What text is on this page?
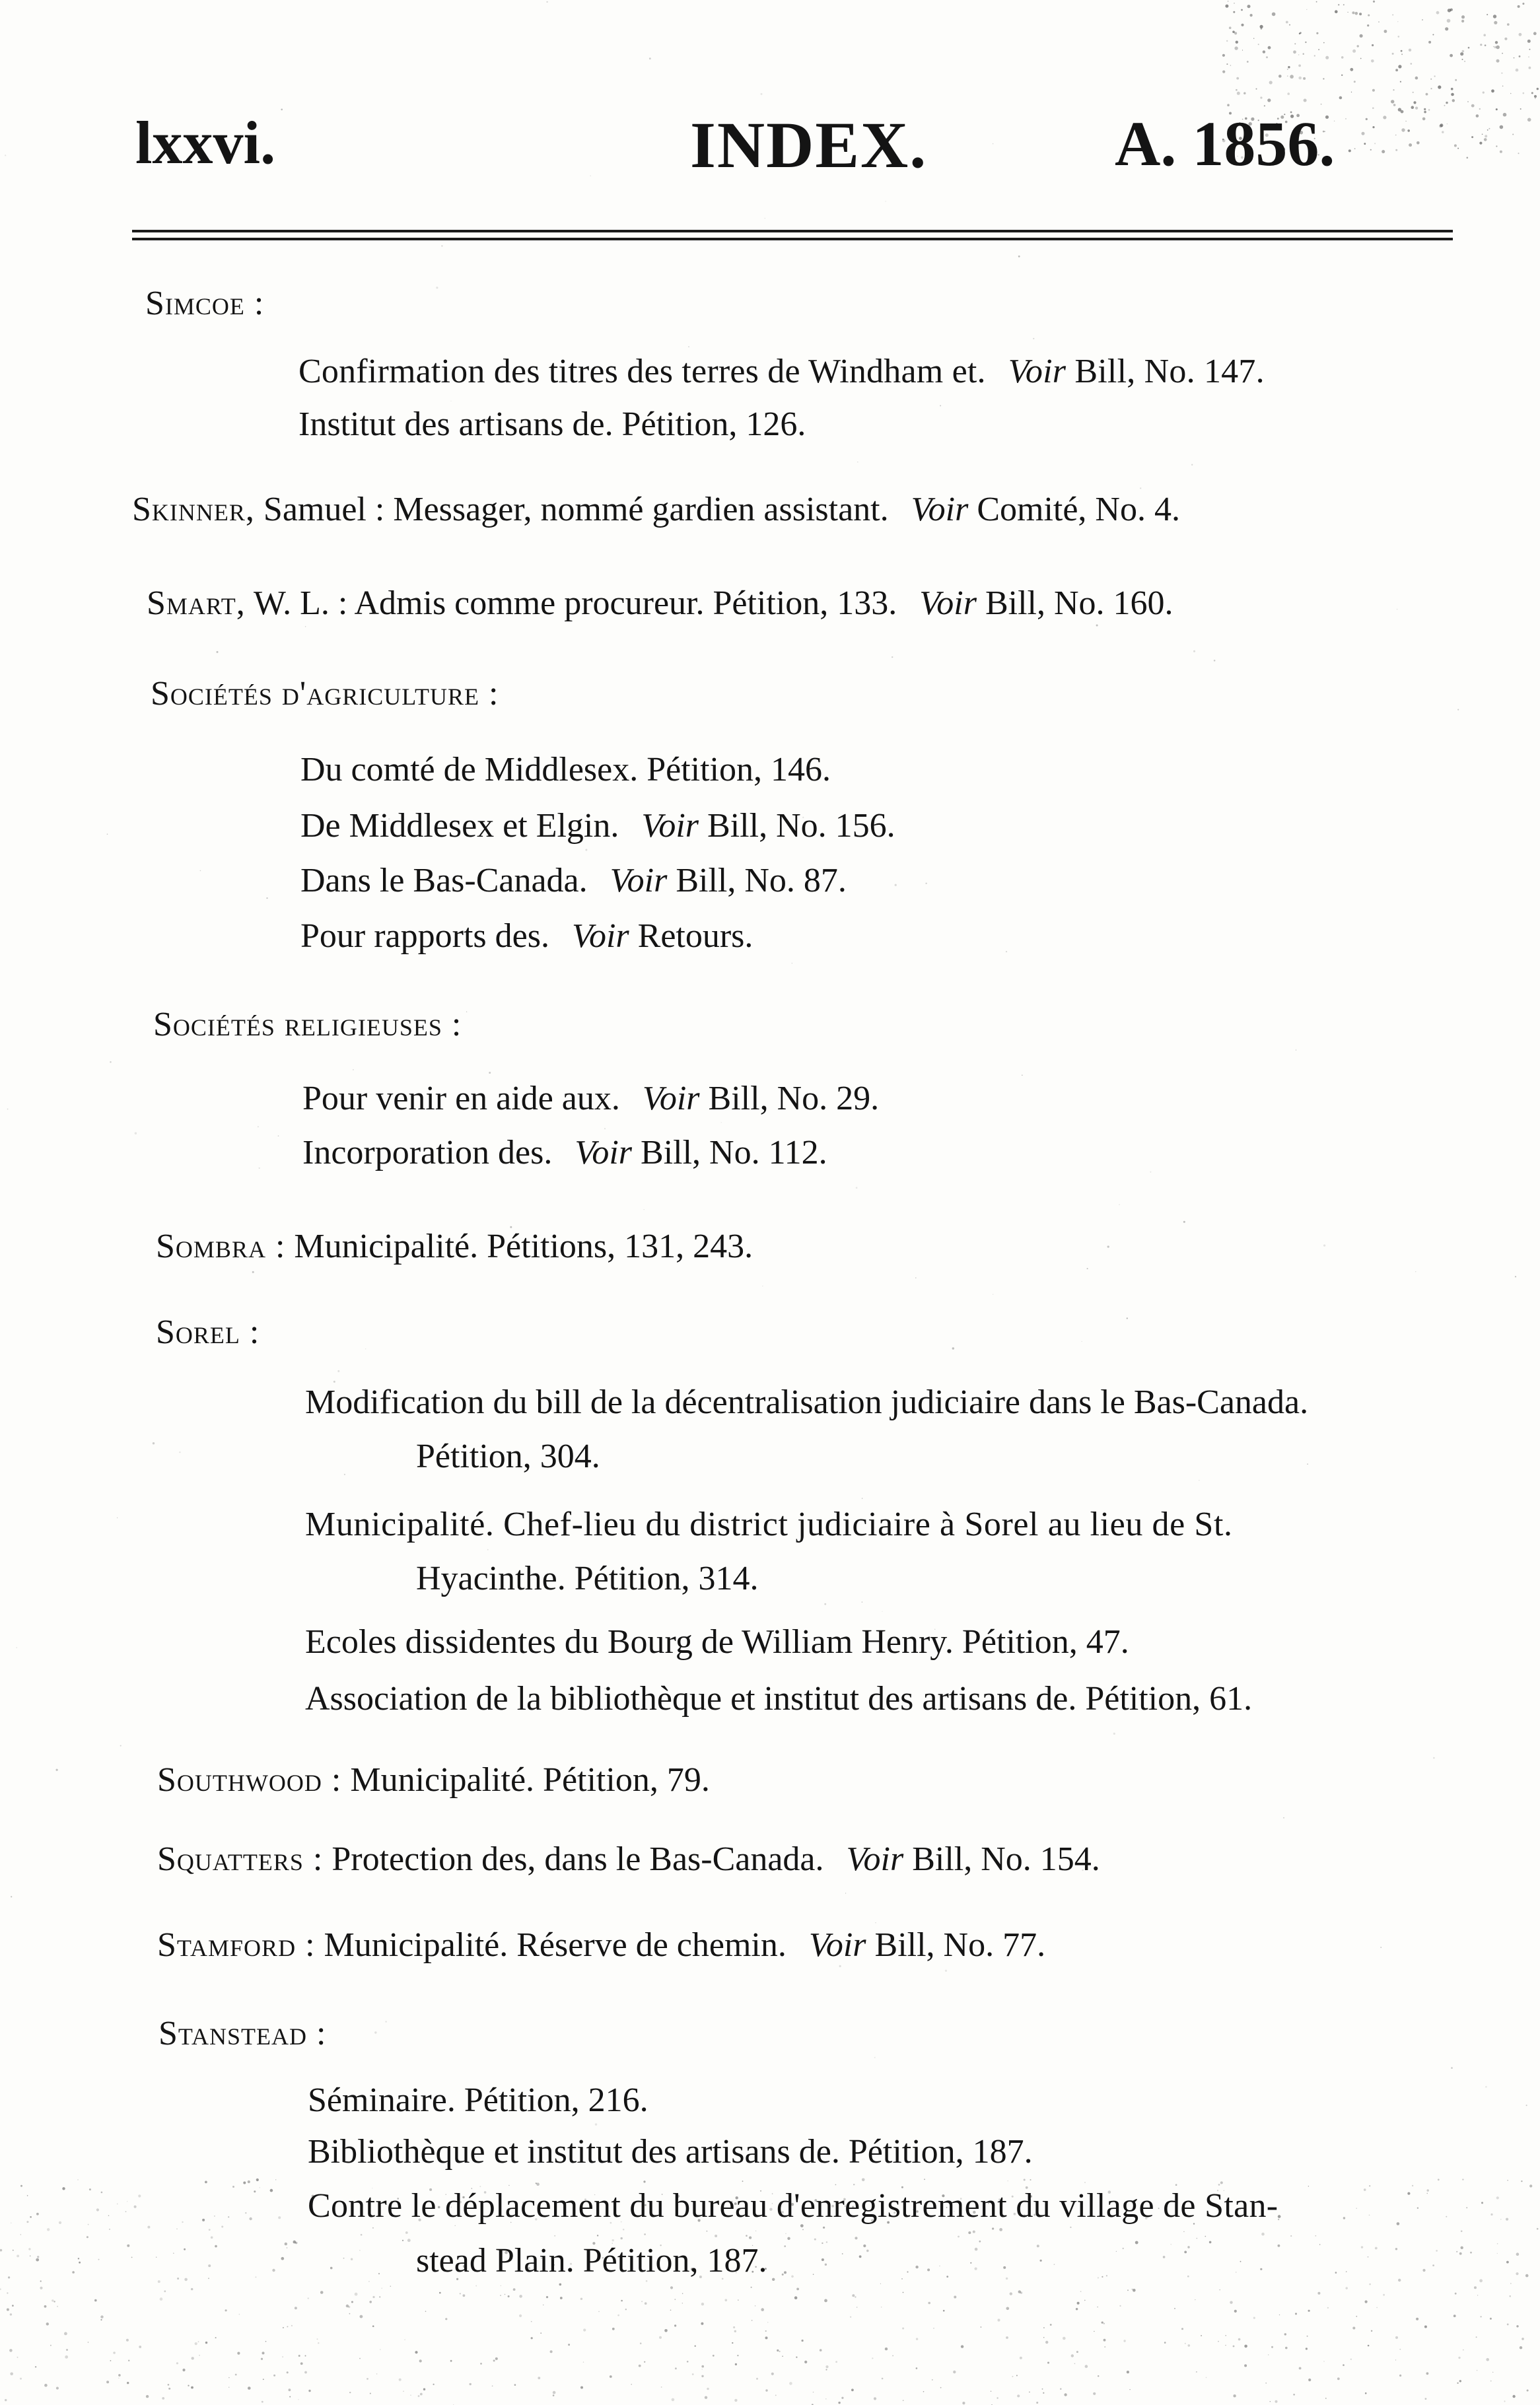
lxxvi.	INDEX.	A. 1856.
Simcoe :
Confirmation des titres des terres de Windham et. Voir Bill, No. 147.
Institut des artisans de. Pétition, 126.
Skinner, Samuel : Messager, nommé gardien assistant. Voir Comité, No. 4.
Smart, W. L. : Admis comme procureur. Pétition, 133. Voir Bill, No. 160.
Sociétés d'agriculture :
Du comté de Middlesex. Pétition, 146.
De Middlesex et Elgin. Voir Bill, No. 156.
Dans le Bas-Canada. Voir Bill, No. 87.
Pour rapports des. Voir Retours.
Sociétés religieuses :
Pour venir en aide aux. Voir Bill, No. 29.
Incorporation des. Voir Bill, No. 112.
Sombra : Municipalité. Pétitions, 131, 243.
Sorel :
Modification du bill de la décentralisation judiciaire dans le Bas-Canada.
Pétition, 304.
Municipalité. Chef-lieu du district judiciaire à Sorel au lieu de St.
Hyacinthe. Pétition, 314.
Ecoles dissidentes du Bourg de William Henry. Pétition, 47.
Association de la bibliothèque et institut des artisans de. Pétition, 61.
Southwood : Municipalité. Pétition, 79.
Squatters : Protection des, dans le Bas-Canada. Voir Bill, No. 154.
Stamford : Municipalité. Réserve de chemin. Voir Bill, No. 77.
Stanstead :
Séminaire. Pétition, 216.
Bibliothèque et institut des artisans de. Pétition, 187.
Contre le déplacement du bureau d'enregistrement du village de Stan-
stead Plain. Pétition, 187.
